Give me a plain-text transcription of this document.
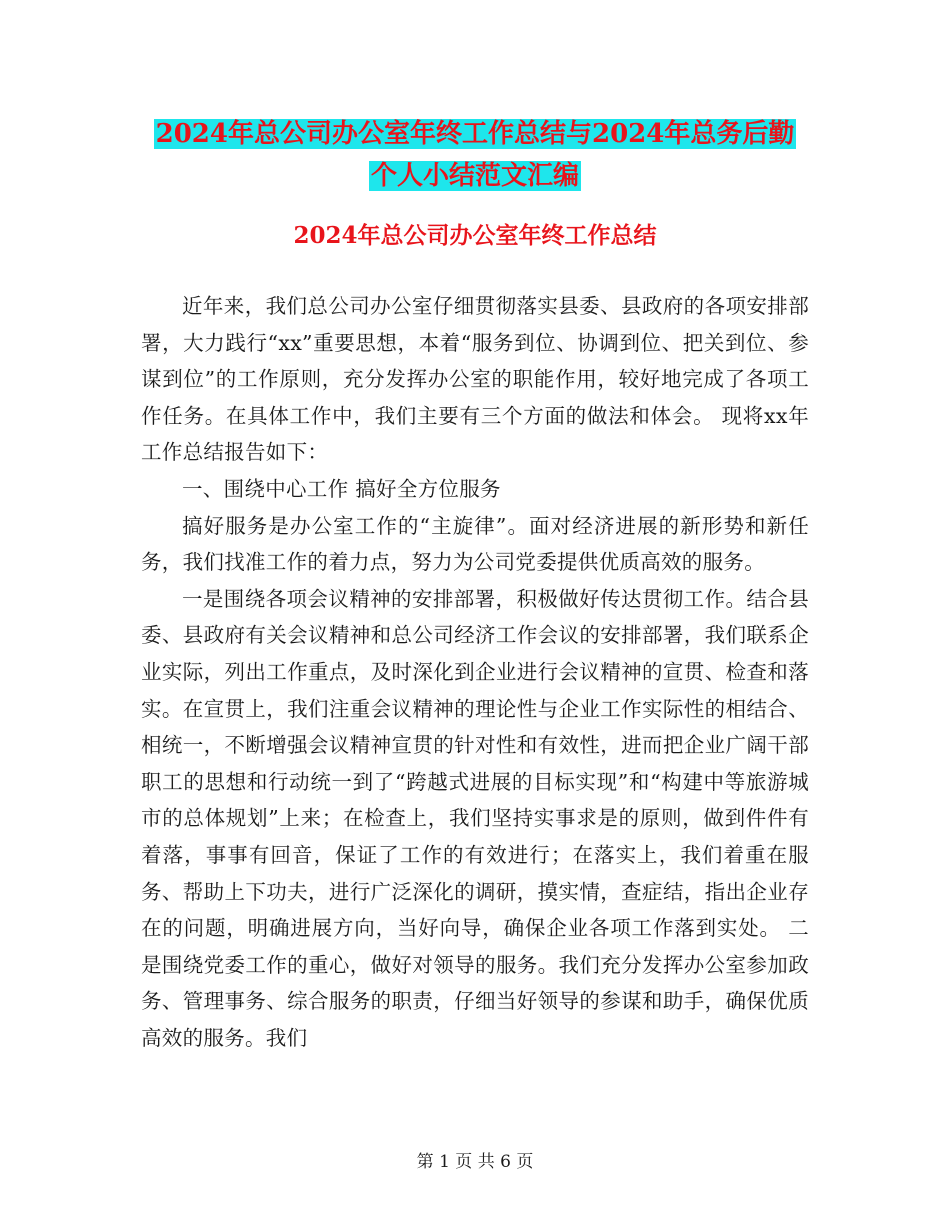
2024年总公司办公室年终工作总结与2024年总务后勤
个人小结范文汇编
2024年总公司办公室年终工作总结

近年来，我们总公司办公室仔细贯彻落实县委、县政府的各项安排部署，大力践行“xx”重要思想，本着“服务到位、协调到位、把关到位、参谋到位”的工作原则，充分发挥办公室的职能作用，较好地完成了各项工作任务。在具体工作中，我们主要有三个方面的做法和体会。 现将xx年工作总结报告如下：

一、围绕中心工作 搞好全方位服务

搞好服务是办公室工作的“主旋律”。面对经济进展的新形势和新任务，我们找准工作的着力点，努力为公司党委提供优质高效的服务。

一是围绕各项会议精神的安排部署，积极做好传达贯彻工作。结合县委、县政府有关会议精神和总公司经济工作会议的安排部署，我们联系企业实际，列出工作重点，及时深化到企业进行会议精神的宣贯、检查和落实。在宣贯上，我们注重会议精神的理论性与企业工作实际性的相结合、相统一，不断增强会议精神宣贯的针对性和有效性，进而把企业广阔干部职工的思想和行动统一到了“跨越式进展的目标实现”和“构建中等旅游城市的总体规划”上来；在检查上，我们坚持实事求是的原则，做到件件有着落，事事有回音，保证了工作的有效进行；在落实上，我们着重在服务、帮助上下功夫，进行广泛深化的调研，摸实情，查症结，指出企业存在的问题，明确进展方向，当好向导，确保企业各项工作落到实处。 二是围绕党委工作的重心，做好对领导的服务。我们充分发挥办公室参加政务、管理事务、综合服务的职责，仔细当好领导的参谋和助手，确保优质高效的服务。我们

第 1 页 共 6 页
